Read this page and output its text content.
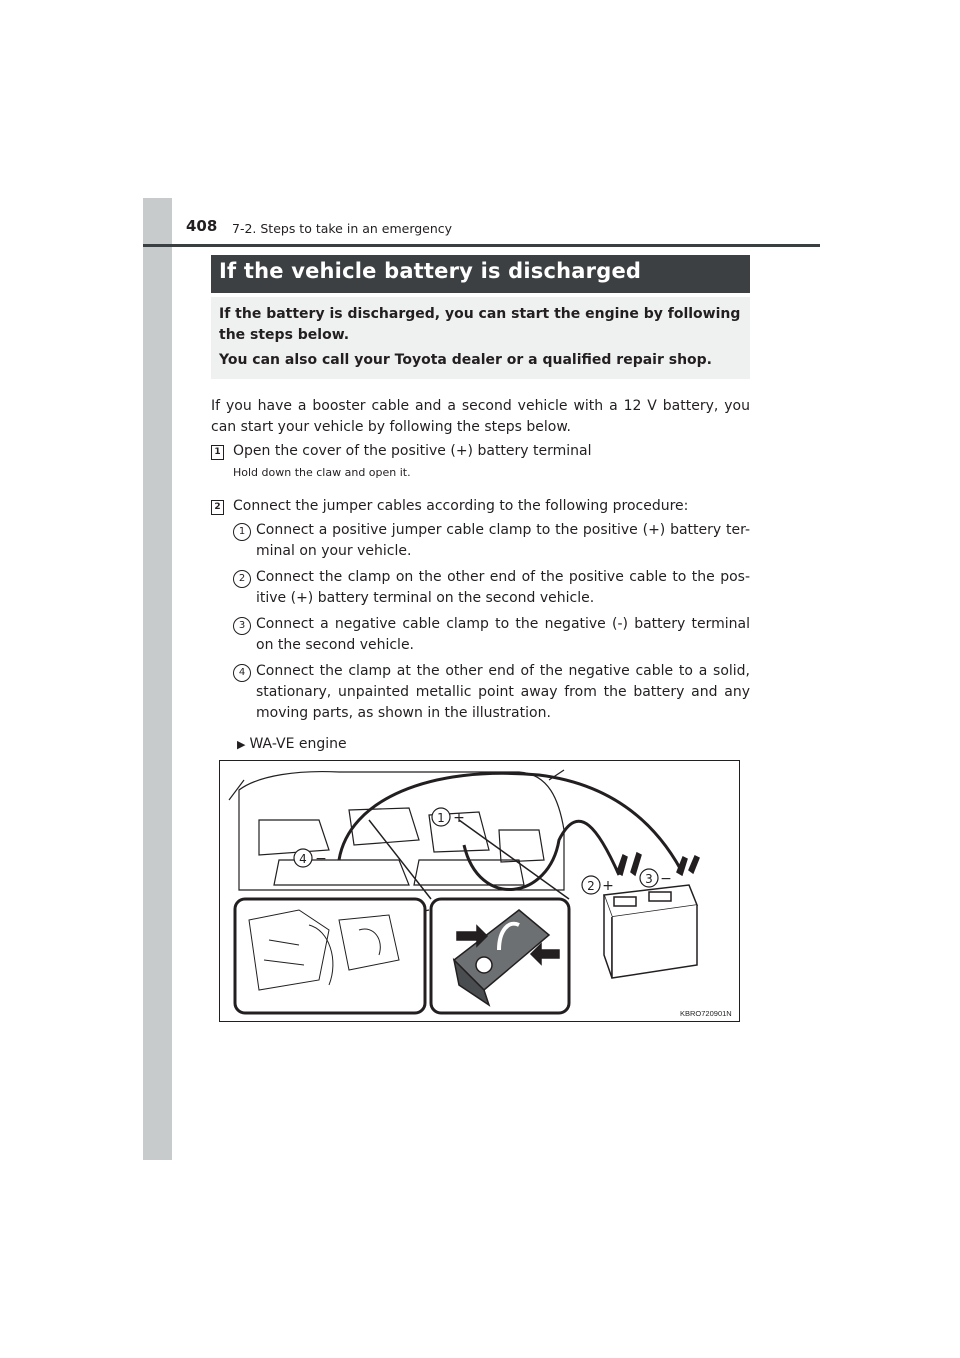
408 7-2. Steps to take in an emergency
If the vehicle battery is discharged
If the battery is discharged, you can start the engine by following the steps below.
You can also call your Toyota dealer or a qualified repair shop.
If you have a booster cable and a second vehicle with a 12 V battery, you can start your vehicle by following the steps below.
1 Open the cover of the positive (+) battery terminal
Hold down the claw and open it.
2 Connect the jumper cables according to the following procedure:
1 Connect a positive jumper cable clamp to the positive (+) battery ter-minal on your vehicle.
2 Connect the clamp on the other end of the positive cable to the pos-itive (+) battery terminal on the second vehicle.
3 Connect a negative cable clamp to the negative (-) battery terminal on the second vehicle.
4 Connect the clamp at the other end of the negative cable to a solid, stationary, unpainted metallic point away from the battery and any moving parts, as shown in the illustration.
▶ WA-VE engine
1
2	3
4
+
−
+	−
KBRO720901N
